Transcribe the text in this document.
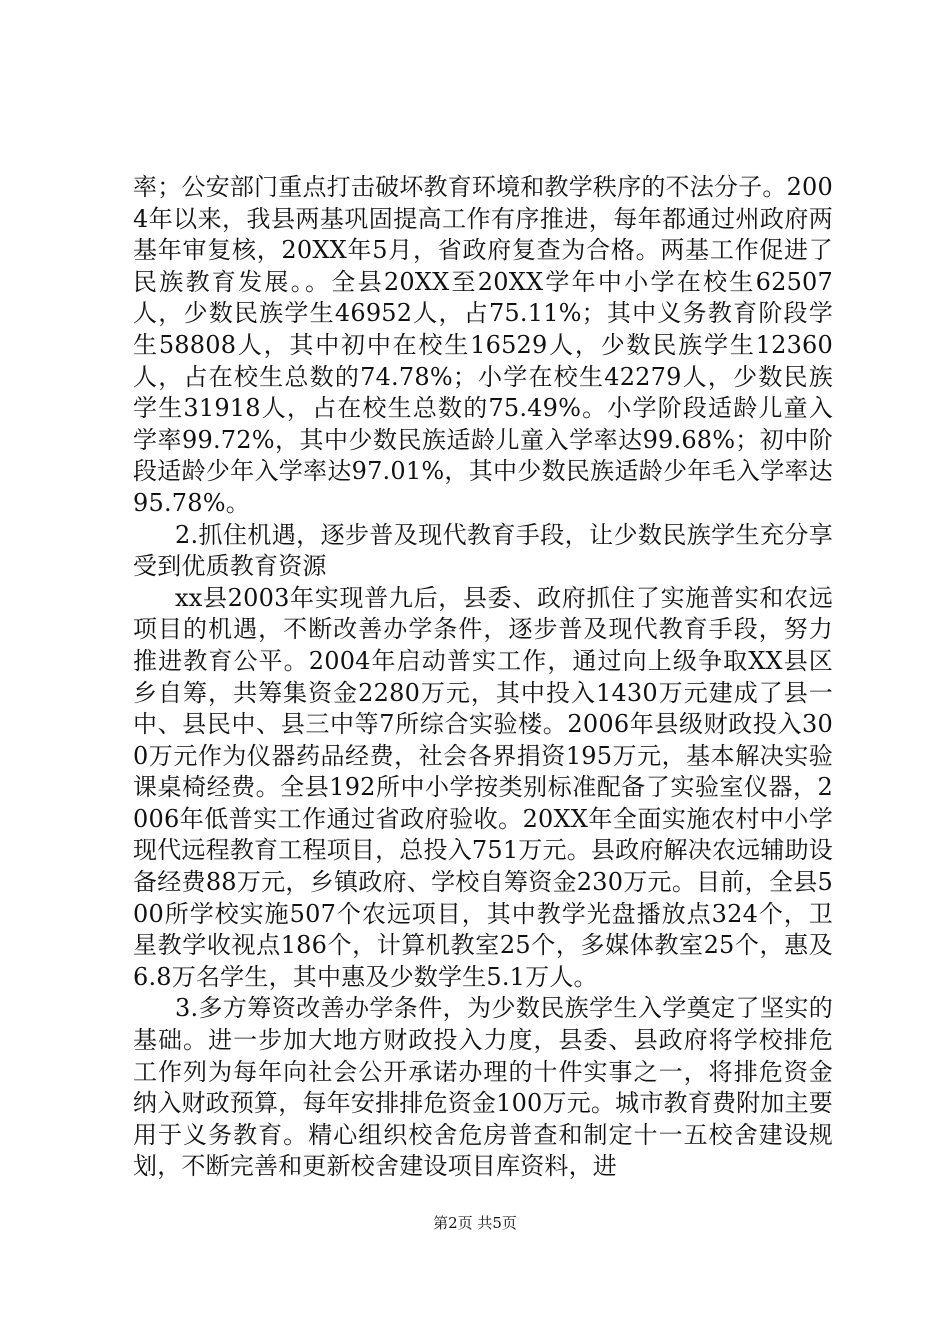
率；公安部门重点打击破坏教育环境和教学秩序的不法分子。2004年以来，我县两基巩固提高工作有序推进，每年都通过州政府两基年审复核，20XX年5月，省政府复查为合格。两基工作促进了民族教育发展。。全县20XX至20XX学年中小学在校生62507人，少数民族学生46952人，占75.11%；其中义务教育阶段学生58808人，其中初中在校生16529人，少数民族学生12360人，占在校生总数的74.78%；小学在校生42279人，少数民族学生31918人，占在校生总数的75.49%。小学阶段适龄儿童入学率99.72%，其中少数民族适龄儿童入学率达99.68%；初中阶段适龄少年入学率达97.01%，其中少数民族适龄少年毛入学率达95.78%。

2.抓住机遇，逐步普及现代教育手段，让少数民族学生充分享受到优质教育资源

xx县2003年实现普九后，县委、政府抓住了实施普实和农远项目的机遇，不断改善办学条件，逐步普及现代教育手段，努力推进教育公平。2004年启动普实工作，通过向上级争取XX县区乡自筹，共筹集资金2280万元，其中投入1430万元建成了县一中、县民中、县三中等7所综合实验楼。2006年县级财政投入300万元作为仪器药品经费，社会各界捐资195万元，基本解决实验课桌椅经费。全县192所中小学按类别标准配备了实验室仪器，2006年低普实工作通过省政府验收。20XX年全面实施农村中小学现代远程教育工程项目，总投入751万元。县政府解决农远辅助设备经费88万元，乡镇政府、学校自筹资金230万元。目前，全县500所学校实施507个农远项目，其中教学光盘播放点324个，卫星教学收视点186个，计算机教室25个，多媒体教室25个，惠及6.8万名学生，其中惠及少数学生5.1万人。

3.多方筹资改善办学条件，为少数民族学生入学奠定了坚实的基础。进一步加大地方财政投入力度，县委、县政府将学校排危工作列为每年向社会公开承诺办理的十件实事之一，将排危资金纳入财政预算，每年安排排危资金100万元。城市教育费附加主要用于义务教育。精心组织校舍危房普查和制定十一五校舍建设规划，不断完善和更新校舍建设项目库资料，进

第2页 共5页
